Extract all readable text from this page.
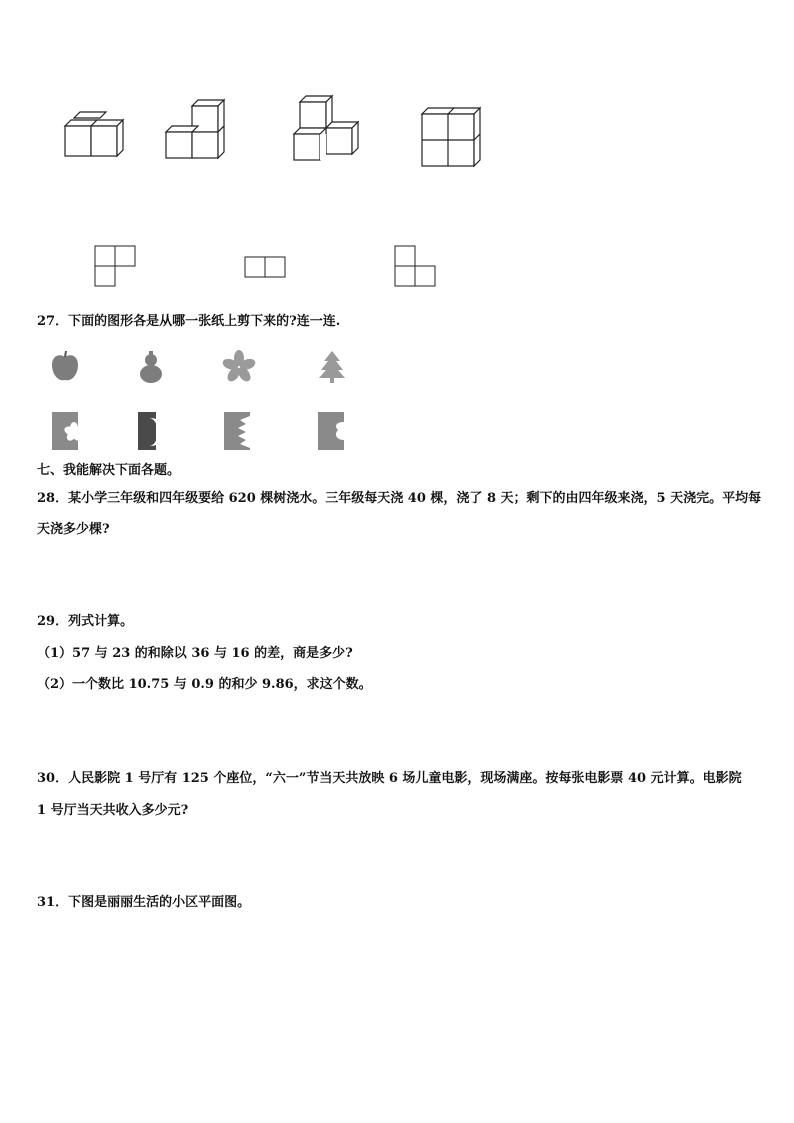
27．下面的图形各是从哪一张纸上剪下来的?连一连.
七、我能解决下面各题。
28．某小学三年级和四年级要给 620 棵树浇水。三年级每天浇 40 棵，浇了 8 天；剩下的由四年级来浇，5 天浇完。平均每
天浇多少棵?
29．列式计算。
（1）57 与 23 的和除以 36 与 16 的差，商是多少?
（2）一个数比 10.75 与 0.9 的和少 9.86，求这个数。
30．人民影院 1 号厅有 125 个座位，“六一”节当天共放映 6 场儿童电影，现场满座。按每张电影票 40 元计算。电影院
1 号厅当天共收入多少元?
31．下图是丽丽生活的小区平面图。
